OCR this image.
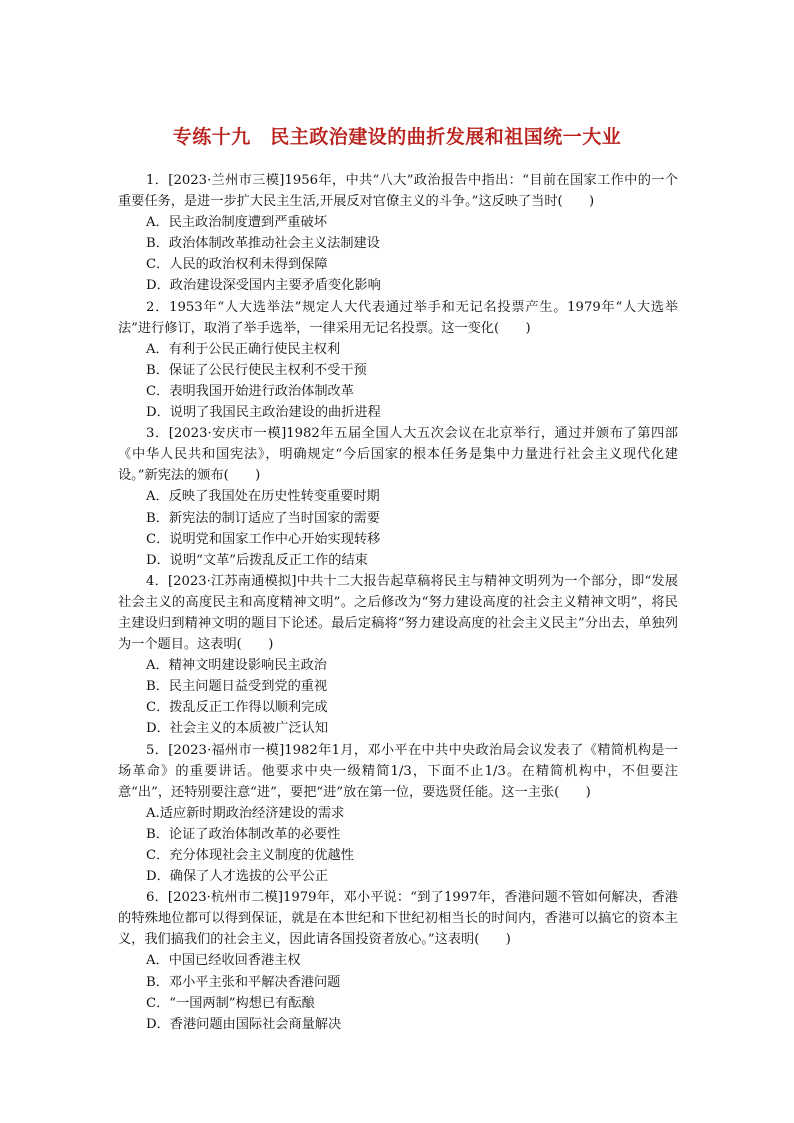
专练十九　民主政治建设的曲折发展和祖国统一大业

1．[2023·兰州市三模]1956年，中共“八大”政治报告中指出：“目前在国家工作中的一个重要任务，是进一步扩大民主生活,开展反对官僚主义的斗争。”这反映了当时(　　)

A．民主政治制度遭到严重破坏

B．政治体制改革推动社会主义法制建设

C．人民的政治权利未得到保障

D．政治建设深受国内主要矛盾变化影响

2．1953年“人大选举法”规定人大代表通过举手和无记名投票产生。1979年“人大选举法”进行修订，取消了举手选举，一律采用无记名投票。这一变化(　　)

A．有利于公民正确行使民主权利

B．保证了公民行使民主权利不受干预

C．表明我国开始进行政治体制改革

D．说明了我国民主政治建设的曲折进程

3．[2023·安庆市一模]1982年五届全国人大五次会议在北京举行，通过并颁布了第四部《中华人民共和国宪法》，明确规定“今后国家的根本任务是集中力量进行社会主义现代化建设。”新宪法的颁布(　　)

A．反映了我国处在历史性转变重要时期

B．新宪法的制订适应了当时国家的需要

C．说明党和国家工作中心开始实现转移

D．说明“文革”后拨乱反正工作的结束

4．[2023·江苏南通模拟]中共十二大报告起草稿将民主与精神文明列为一个部分，即“发展社会主义的高度民主和高度精神文明”。之后修改为“努力建设高度的社会主义精神文明”，将民主建设归到精神文明的题目下论述。最后定稿将“努力建设高度的社会主义民主”分出去，单独列为一个题目。这表明(　　)

A．精神文明建设影响民主政治

B．民主问题日益受到党的重视

C．拨乱反正工作得以顺利完成

D．社会主义的本质被广泛认知

5．[2023·福州市一模]1982年1月，邓小平在中共中央政治局会议发表了《精简机构是一场革命》的重要讲话。他要求中央一级精简1/3，下面不止1/3。在精简机构中，不但要注意“出”，还特别要注意“进”，要把“进”放在第一位，要选贤任能。这一主张(　　)

A.适应新时期政治经济建设的需求

B．论证了政治体制改革的必要性

C．充分体现社会主义制度的优越性

D．确保了人才选拔的公平公正

6．[2023·杭州市二模]1979年，邓小平说：“到了1997年，香港问题不管如何解决，香港的特殊地位都可以得到保证，就是在本世纪和下世纪初相当长的时间内，香港可以搞它的资本主义，我们搞我们的社会主义，因此请各国投资者放心。”这表明(　　)

A．中国已经收回香港主权

B．邓小平主张和平解决香港问题

C．“一国两制”构想已有酝酿

D．香港问题由国际社会商量解决
